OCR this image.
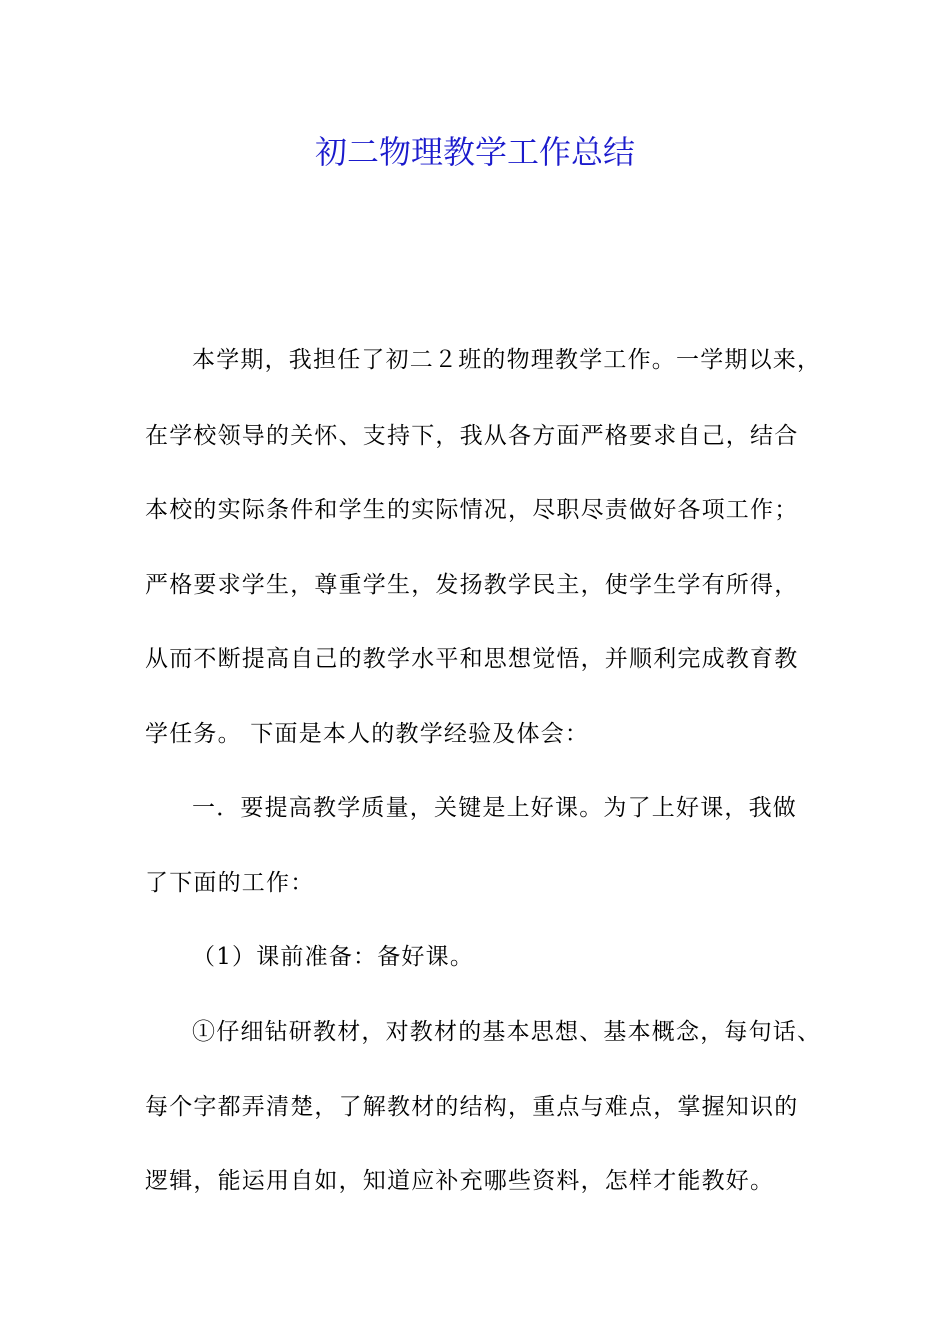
初二物理教学工作总结
本学期，我担任了初二２班的物理教学工作。一学期以来，
在学校领导的关怀、支持下，我从各方面严格要求自己，结合
本校的实际条件和学生的实际情况，尽职尽责做好各项工作；
严格要求学生，尊重学生，发扬教学民主，使学生学有所得，
从而不断提高自己的教学水平和思想觉悟，并顺利完成教育教
学任务。 下面是本人的教学经验及体会：
一．要提高教学质量，关键是上好课。为了上好课，我做
了下面的工作：
（1）课前准备：备好课。
①仔细钻研教材，对教材的基本思想、基本概念，每句话、
每个字都弄清楚，了解教材的结构，重点与难点，掌握知识的
逻辑，能运用自如，知道应补充哪些资料，怎样才能教好。
